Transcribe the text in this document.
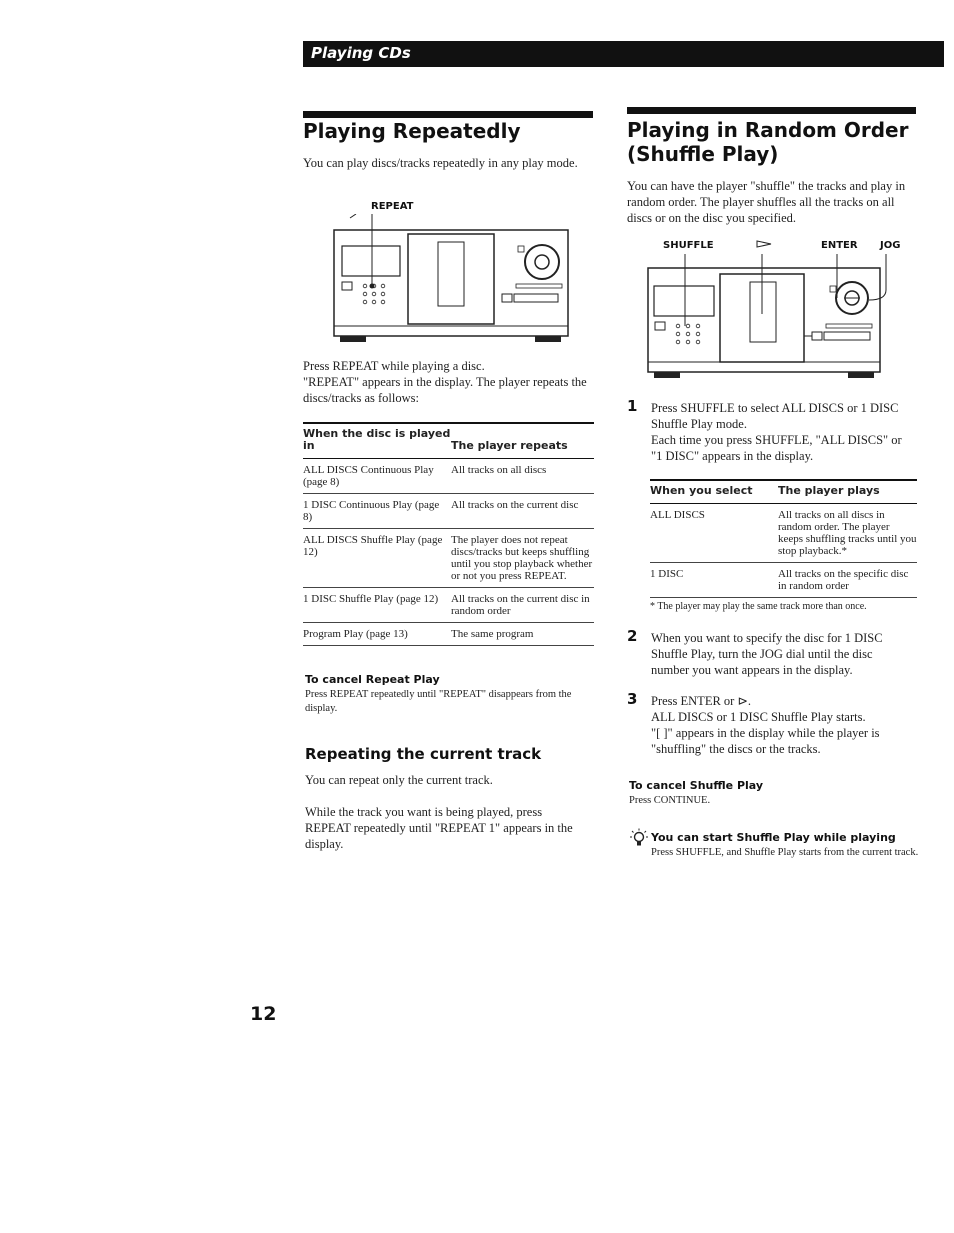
Playing CDs
Playing Repeatedly

You can play discs/tracks repeatedly in any play mode.

REPEAT

Press REPEAT while playing a disc.

"REPEAT" appears in the display. The player repeats the discs/tracks as follows:

When the disc is played in	The player repeats
ALL DISCS Continuous Play (page 8)	All tracks on all discs
1 DISC Continuous Play (page 8)	All tracks on the current disc
ALL DISCS Shuffle Play (page 12)	The player does not repeat discs/tracks but keeps shuffling until you stop playback whether or not you press REPEAT.
1 DISC Shuffle Play (page 12)	All tracks on the current disc in random order
Program Play (page 13)	The same program
To cancel Repeat Play
Press REPEAT repeatedly until "REPEAT" disappears from the display.
Repeating the current track

You can repeat only the current track.

While the track you want is being played, press REPEAT repeatedly until "REPEAT 1" appears in the display.

12
Playing in Random Order
(Shuffle Play)

You can have the player "shuffle" the tracks and play in random order. The player shuffles all the tracks on all discs or on the disc you specified.

SHUFFLE	ENTER JOG
1 Press SHUFFLE to select ALL DISCS or 1 DISC Shuffle Play mode.

Each time you press SHUFFLE, "ALL DISCS" or "1 DISC" appears in the display.

When you select	The player plays
ALL DISCS	All tracks on all discs in random order. The player keeps shuffling tracks until you stop playback.*
1 DISC	All tracks on the specific disc in random order
* The player may play the same track more than once.
2 When you want to specify the disc for 1 DISC Shuffle Play, turn the JOG dial until the disc number you want appears in the display.

3 Press ENTER or ⊳.

ALL DISCS or 1 DISC Shuffle Play starts.

"[ ]" appears in the display while the player is "shuffling" the discs or the tracks.

To cancel Shuffle Play
Press CONTINUE.
You can start Shuffle Play while playing
Press SHUFFLE, and Shuffle Play starts from the current track.
